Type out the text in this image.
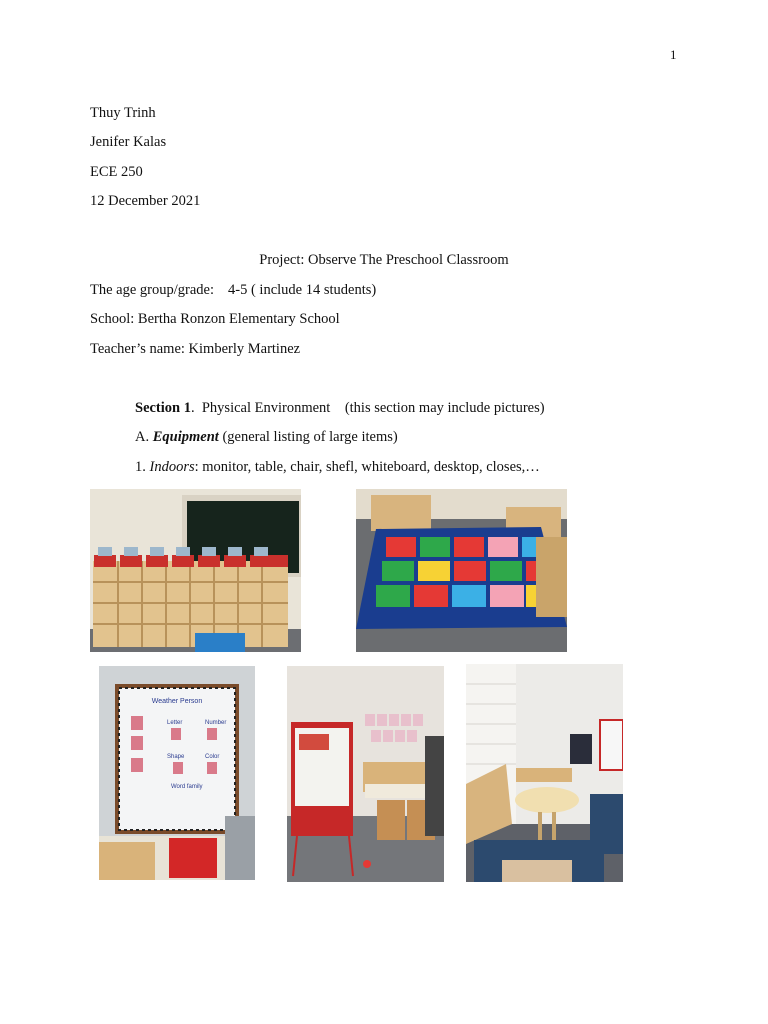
1
Thuy Trinh
Jenifer Kalas
ECE 250
12 December 2021
Project: Observe The Preschool Classroom
The age group/grade: 4-5 ( include 14 students)
School: Bertha Ronzon Elementary School
Teacher’s name: Kimberly Martinez
Section 1.  Physical Environment    (this section may include pictures)
A. Equipment (general listing of large items)
1. Indoors: monitor, table, chair, shefl, whiteboard, desktop, closes,…
Weather Person
Letter	Number
Shape	Color
Word family
